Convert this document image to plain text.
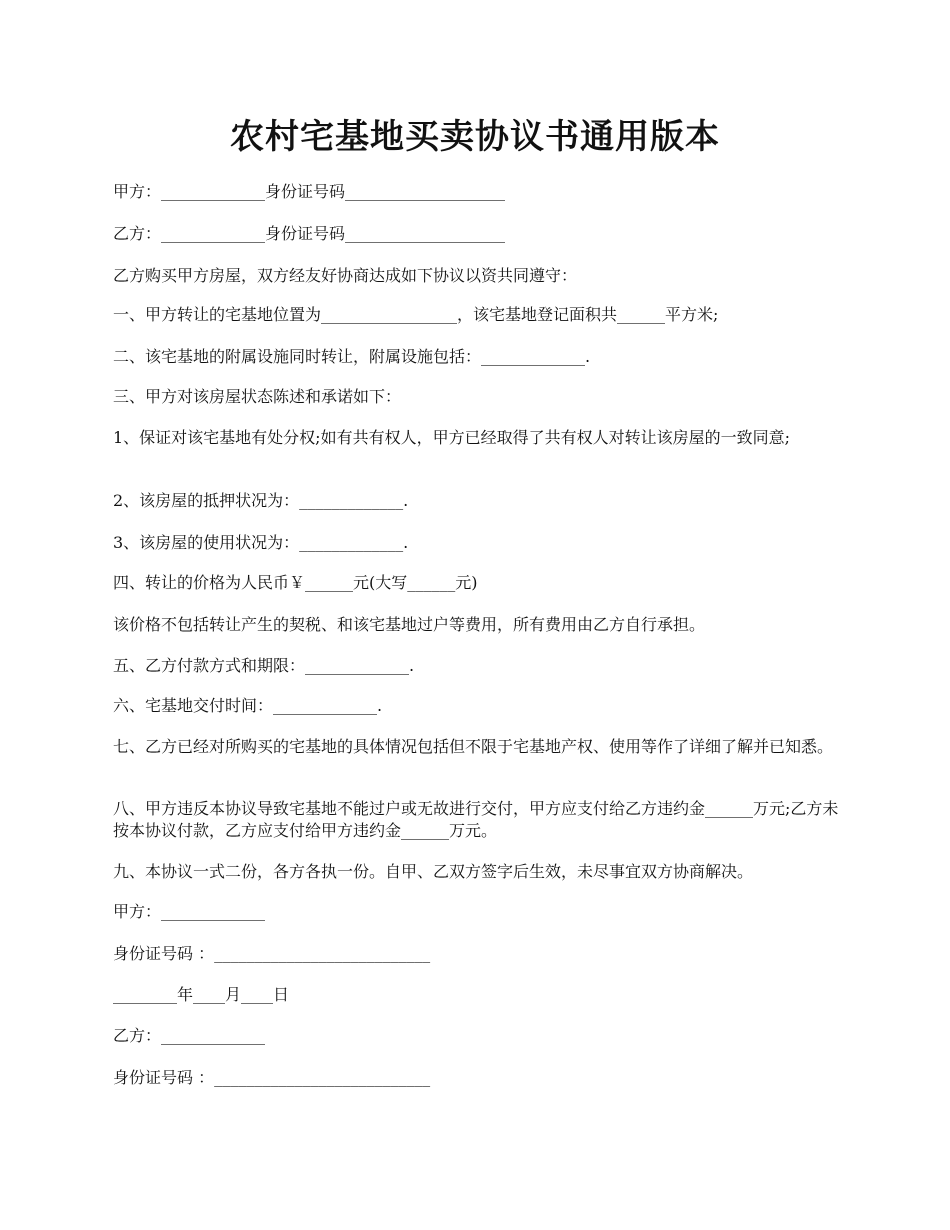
农村宅基地买卖协议书通用版本
甲方：_____________身份证号码____________________
乙方：_____________身份证号码____________________
乙方购买甲方房屋，双方经友好协商达成如下协议以资共同遵守：
一、甲方转让的宅基地位置为_________________，该宅基地登记面积共______平方米;
二、该宅基地的附属设施同时转让，附属设施包括：_____________.
三、甲方对该房屋状态陈述和承诺如下：
1、保证对该宅基地有处分权;如有共有权人，甲方已经取得了共有权人对转让该房屋的一致同意;
2、该房屋的抵押状况为：_____________.
3、该房屋的使用状况为：_____________.
四、转让的价格为人民币￥______元(大写______元)
该价格不包括转让产生的契税、和该宅基地过户等费用，所有费用由乙方自行承担。
五、乙方付款方式和期限：_____________.
六、宅基地交付时间：_____________.
七、乙方已经对所购买的宅基地的具体情况包括但不限于宅基地产权、使用等作了详细了解并已知悉。
八、甲方违反本协议导致宅基地不能过户或无故进行交付，甲方应支付给乙方违约金______万元;乙方未按本协议付款，乙方应支付给甲方违约金______万元。
九、本协议一式二份，各方各执一份。自甲、乙双方签字后生效，未尽事宜双方协商解决。
甲方：_____________
身份证号码 ：___________________________
________年____月____日
乙方：_____________
身份证号码 ：___________________________
